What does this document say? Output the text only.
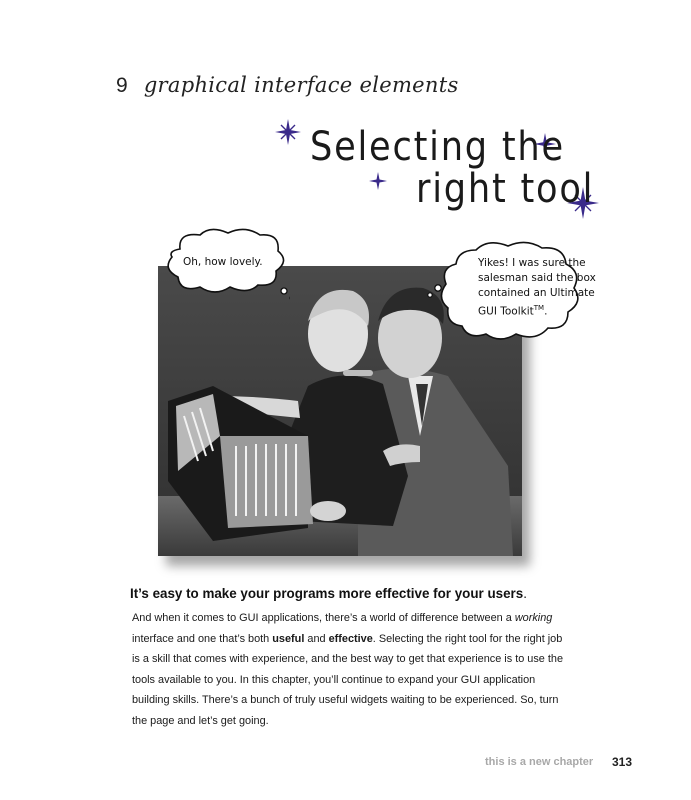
9 graphical interface elements
Selecting the
right tool
Oh, how lovely.	Yikes! I was sure the
salesman said the box
contained an Ultimate
GUI Toolkit™.
It’s easy to make your programs more effective for your users.
And when it comes to GUI applications, there’s a world of difference between a working interface and one that’s both useful and effective. Selecting the right tool for the right job is a skill that comes with experience, and the best way to get that experience is to use the tools available to you. In this chapter, you’ll continue to expand your GUI application building skills. There’s a bunch of truly useful widgets waiting to be experienced. So, turn the page and let’s get going.
this is a new chapter 313
